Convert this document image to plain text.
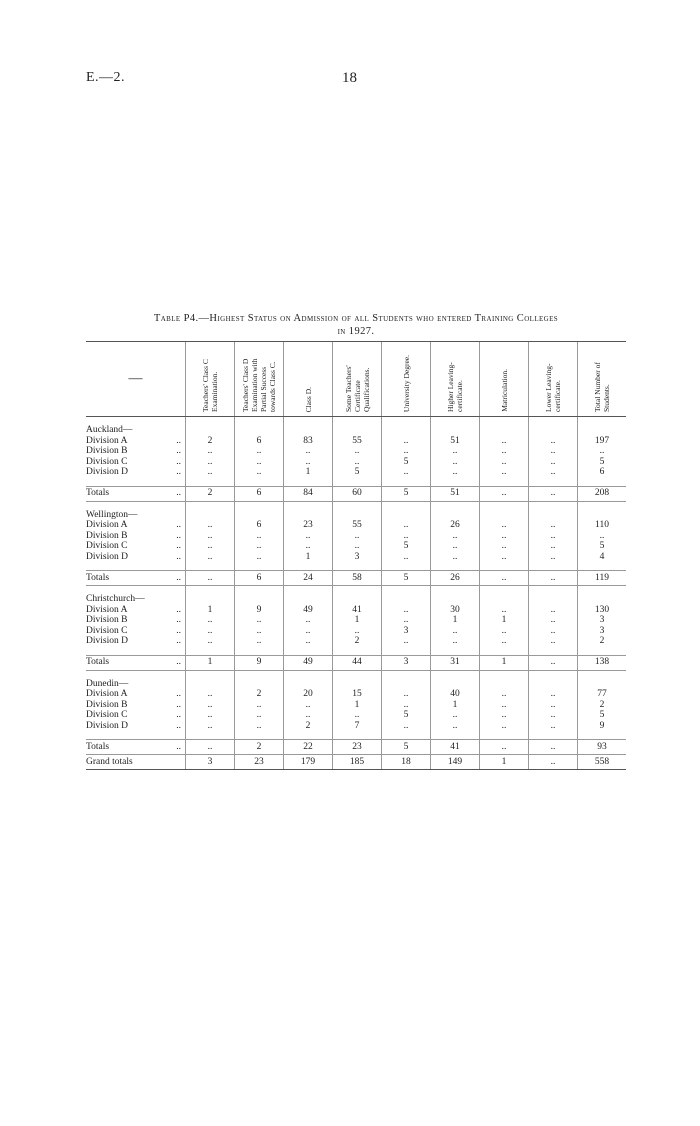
E.—2.	18
Table P4.—Highest Status on Admission of all Students who entered Training Colleges
in 1927.
—		Teachers' Class C Examination.	Teachers' Class D Examination with Partial Success towards Class C.	Class D.	Some Teachers' Certificate Qualifications.	University Degree.	Higher Leaving-certificate.	Matriculation.	Lower Leaving-certificate.	Total Number of Students.

Auckland—										
Division A	..	2	6	83	55	..	51	..	..	197
Division B	..	..	..	..	..	..	..	..	..	..
Division C	..	..	..	..	..	5	..	..	..	5
Division D	..	..	..	1	5	..	..	..	..	6

Totals	..	2	6	84	60	5	51	..	..	208

Wellington—										
Division A	..	..	6	23	55	..	26	..	..	110
Division B	..	..	..	..	..	..	..	..	..	..
Division C	..	..	..	..	..	5	..	..	..	5
Division D	..	..	..	1	3	..	..	..	..	4

Totals	..	..	6	24	58	5	26	..	..	119

Christchurch—										
Division A	..	1	9	49	41	..	30	..	..	130
Division B	..	..	..	..	1	..	1	1	..	3
Division C	..	..	..	..	..	3	..	..	..	3
Division D	..	..	..	..	2	..	..	..	..	2

Totals	..	1	9	49	44	3	31	1	..	138

Dunedin—										
Division A	..	..	2	20	15	..	40	..	..	77
Division B	..	..	..	..	1	..	1	..	..	2
Division C	..	..	..	..	..	5	..	..	..	5
Division D	..	..	..	2	7	..	..	..	..	9

Totals	..	..	2	22	23	5	41	..	..	93
Grand totals		3	23	179	185	18	149	1	..	558
